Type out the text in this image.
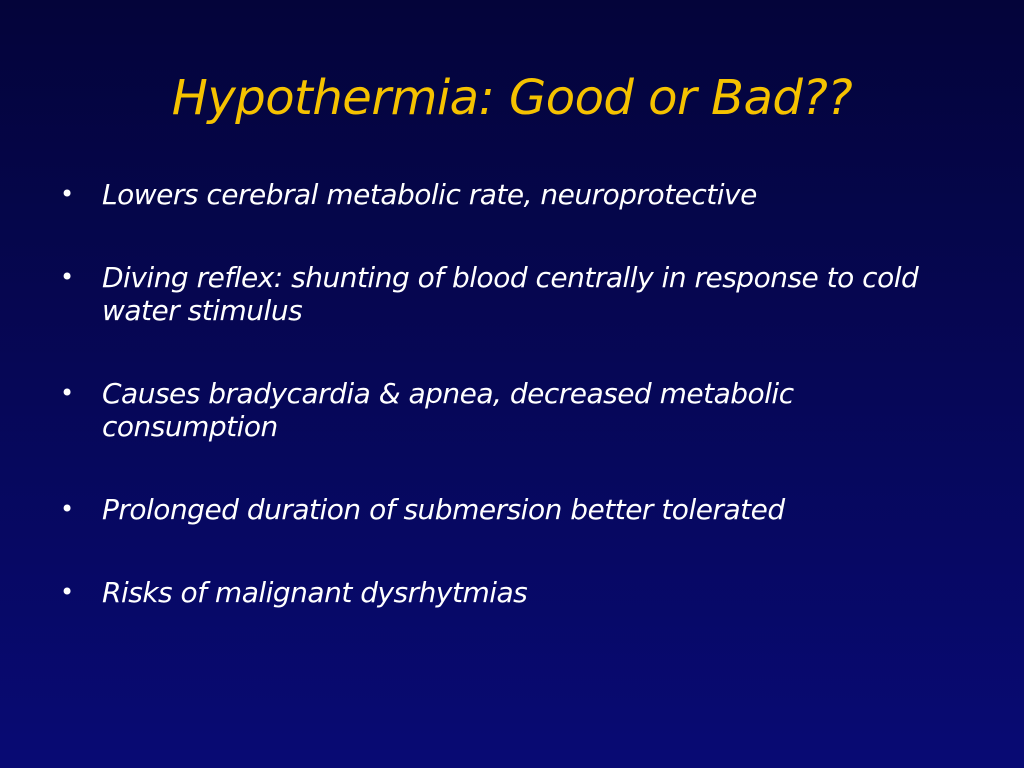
Hypothermia: Good or Bad??
• Lowers cerebral metabolic rate, neuroprotective
• Diving reflex: shunting of blood centrally in response to cold water stimulus
• Causes bradycardia & apnea, decreased metabolic consumption
• Prolonged duration of submersion better tolerated
• Risks of malignant dysrhytmias
